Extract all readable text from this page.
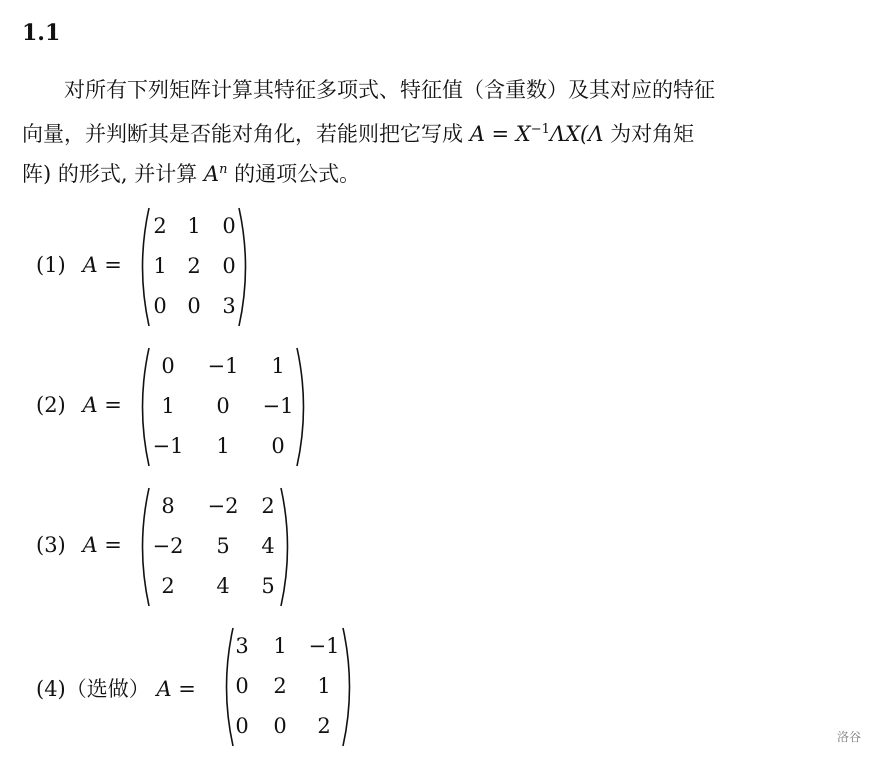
1.1
对所有下列矩阵计算其特征多项式、特征值（含重数）及其对应的特征
向量，并判断其是否能对角化，若能则把它写成 $A = X^{-1}\Lambda X(\Lambda$ 为对角矩
阵) 的形式, 并计算 $A^n$ 的通项公式。
(1) A =
2 1	0
1 2	0
0 0	3
(2) A =
0	−1	1
1	0	−1
−1	1	0
(3) A =
8	−2	2
−2	5	4
2	4	5
(4)（选做） A =
3	1	−1
0	2	1
0	0	2	洛谷
